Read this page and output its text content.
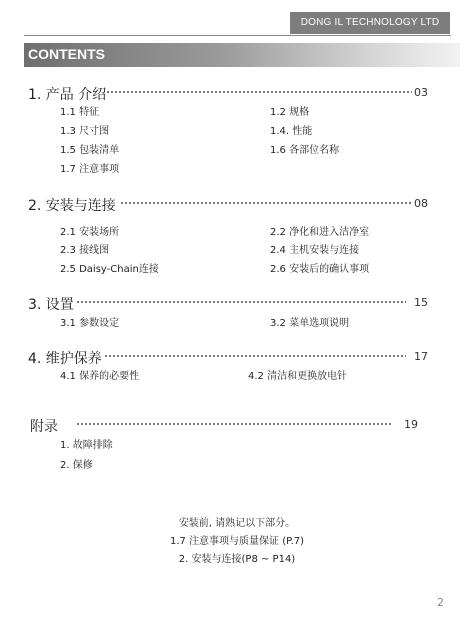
DONG IL TECHNOLOGY LTD
CONTENTS
1. 产品 介绍	03
1.1 特征	1.2 规格
1.3 尺寸图	1.4. 性能
1.5 包装清单	1.6 各部位名称
1.7 注意事项
2. 安装与连接	08
2.1 安装场所	2.2 净化和进入洁净室
2.3 接线图	2.4 主机安装与连接
2.5 Daisy-Chain连接	2.6 安装后的确认事项
3. 设置	15
3.1 参数设定	3.2 菜单选项说明
4. 维护保养	17
4.1 保养的必要性	4.2 清洁和更换放电针
附录	19
1. 故障排除
2. 保修
安装前, 请熟记以下部分。
1.7 注意事项与质量保证 (P.7)
2. 安装与连接(P8 ~ P14)
2
